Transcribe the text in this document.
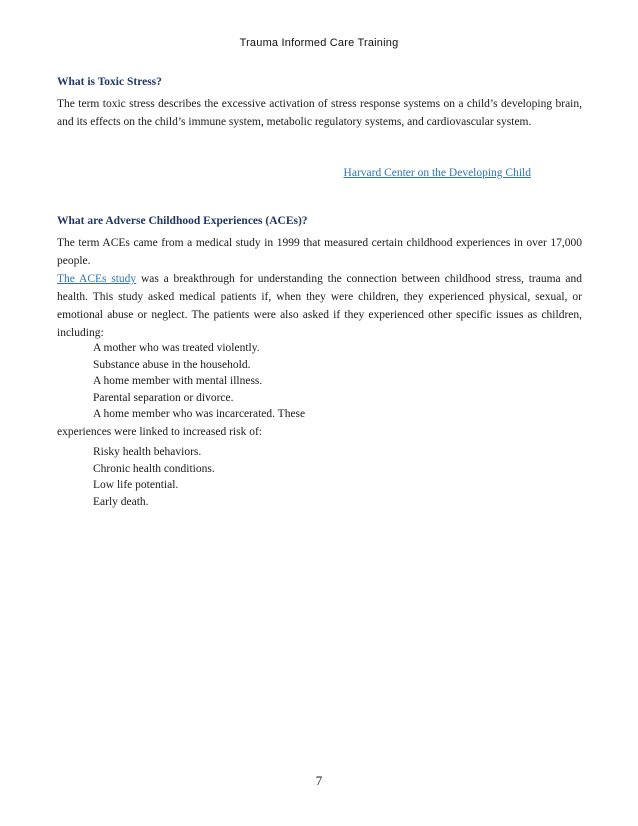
Trauma Informed Care Training
What is Toxic Stress?
The term toxic stress describes the excessive activation of stress response systems on a child’s developing brain, and its effects on the child’s immune system, metabolic regulatory systems, and cardiovascular system.
Harvard Center on the Developing Child
What are Adverse Childhood Experiences (ACEs)?
The term ACEs came from a medical study in 1999 that measured certain childhood experiences in over 17,000 people.
The ACEs study was a breakthrough for understanding the connection between childhood stress, trauma and health. This study asked medical patients if, when they were children, they experienced physical, sexual, or emotional abuse or neglect. The patients were also asked if they experienced other specific issues as children, including:
A mother who was treated violently.
Substance abuse in the household.
A home member with mental illness.
Parental separation or divorce.
A home member who was incarcerated. These
experiences were linked to increased risk of:
Risky health behaviors.
Chronic health conditions.
Low life potential.
Early death.
7
